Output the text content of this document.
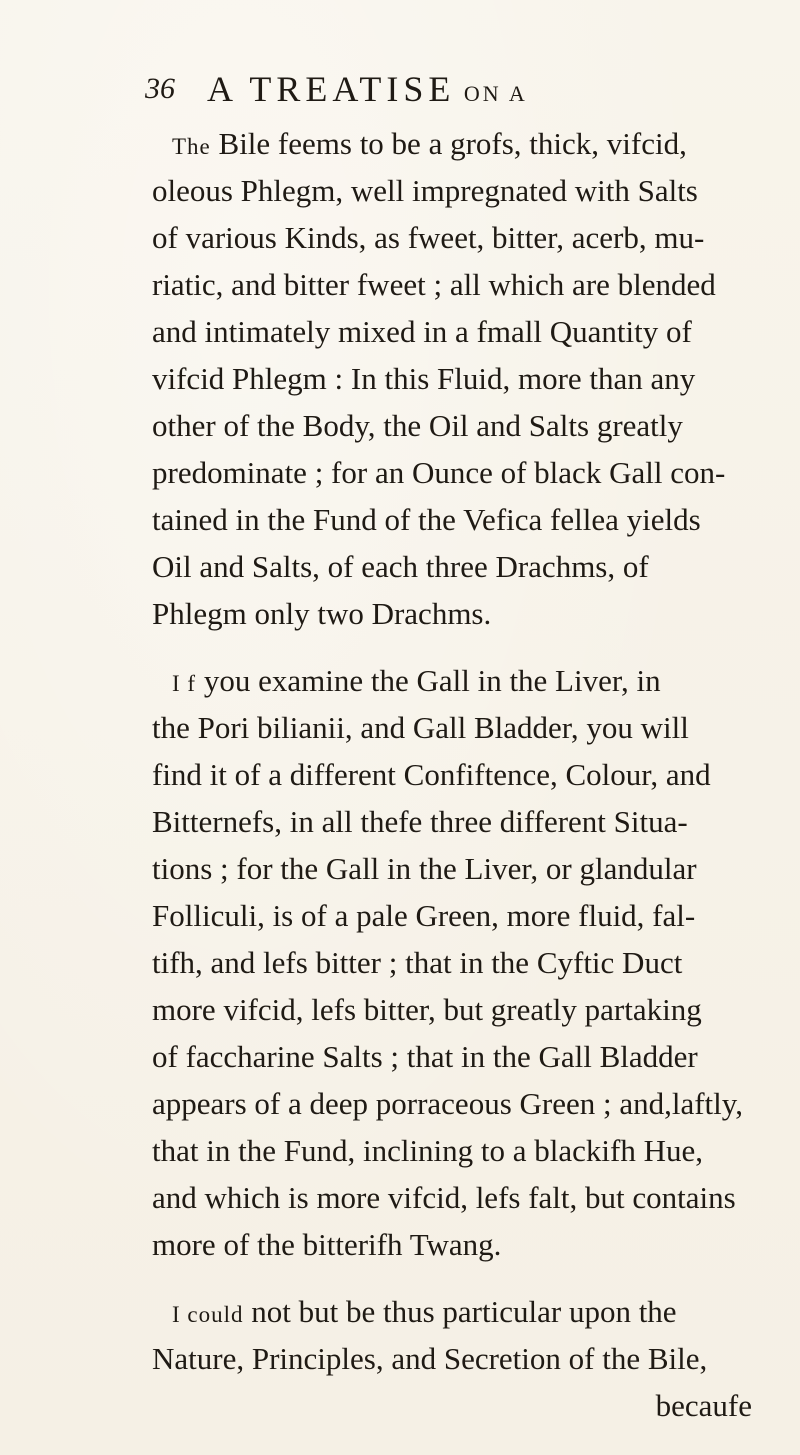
36 A TREATISE ON A
The Bile feems to be a grofs, thick, vifcid,
oleous Phlegm, well impregnated with Salts
of various Kinds, as fweet, bitter, acerb, mu-
riatic, and bitter fweet ; all which are blended
and intimately mixed in a fmall Quantity of
vifcid Phlegm : In this Fluid, more than any
other of the Body, the Oil and Salts greatly
predominate ; for an Ounce of black Gall con-
tained in the Fund of the Vefica fellea yields
Oil and Salts, of each three Drachms, of
Phlegm only two Drachms.
I f you examine the Gall in the Liver, in
the Pori bilianii, and Gall Bladder, you will
find it of a different Confiftence, Colour, and
Bitternefs, in all thefe three different Situa-
tions ; for the Gall in the Liver, or glandular
Folliculi, is of a pale Green, more fluid, fal-
tifh, and lefs bitter ; that in the Cyftic Duct
more vifcid, lefs bitter, but greatly partaking
of faccharine Salts ; that in the Gall Bladder
appears of a deep porraceous Green ; and,laftly,
that in the Fund, inclining to a blackifh Hue,
and which is more vifcid, lefs falt, but contains
more of the bitterifh Twang.
I could not but be thus particular upon the
Nature, Principles, and Secretion of the Bile,
becaufe
